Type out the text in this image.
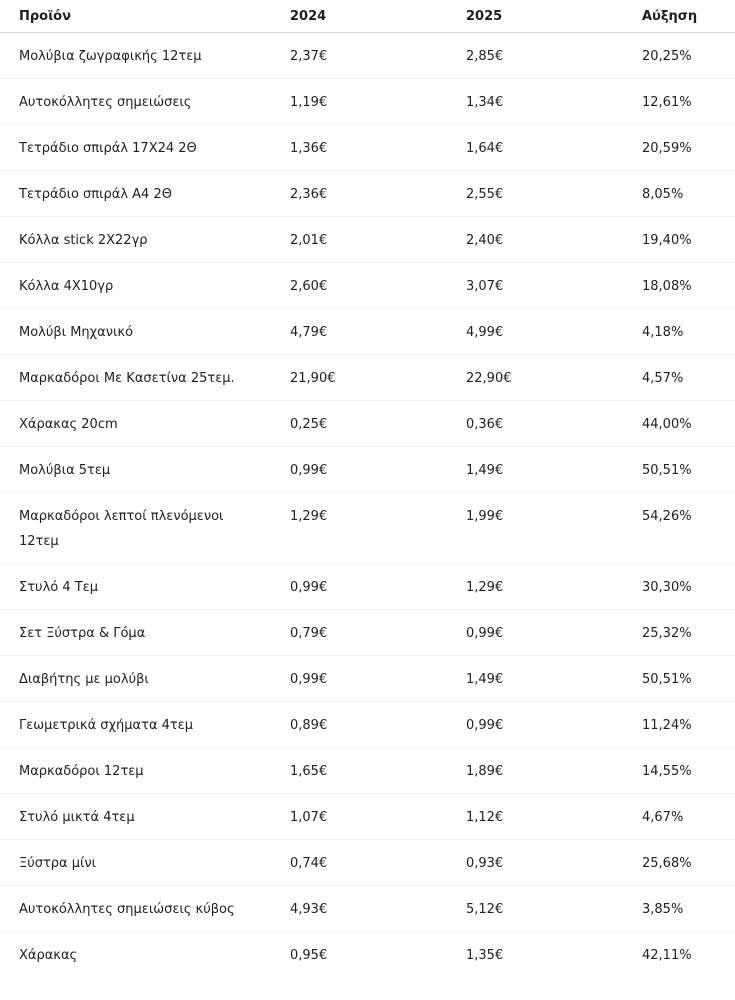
Προϊόν	2024	2025	Αύξηση

Μολύβια ζωγραφικής 12τεμ	2,37€	2,85€	20,25%

Αυτοκόλλητες σημειώσεις	1,19€	1,34€	12,61%

Τετράδιο σπιράλ 17X24 2Θ	1,36€	1,64€	20,59%

Τετράδιο σπιράλ Α4 2Θ	2,36€	2,55€	8,05%

Κόλλα stick 2Χ22γρ	2,01€	2,40€	19,40%

Κόλλα 4Χ10γρ	2,60€	3,07€	18,08%

Μολύβι Μηχανικό	4,79€	4,99€	4,18%

Μαρκαδόροι Με Κασετίνα 25τεμ.	21,90€	22,90€	4,57%

Χάρακας 20cm	0,25€	0,36€	44,00%

Μολύβια 5τεμ	0,99€	1,49€	50,51%

Μαρκαδόροι λεπτοί πλενόμενοι 12τεμ	1,29€	1,99€	54,26%

Στυλό 4 Τεμ	0,99€	1,29€	30,30%

Σετ Ξύστρα & Γόμα	0,79€	0,99€	25,32%

Διαβήτης με μολύβι	0,99€	1,49€	50,51%

Γεωμετρικά σχήματα 4τεμ	0,89€	0,99€	11,24%

Μαρκαδόροι 12τεμ	1,65€	1,89€	14,55%

Στυλό μικτά 4τεμ	1,07€	1,12€	4,67%

Ξύστρα μίνι	0,74€	0,93€	25,68%

Αυτοκόλλητες σημειώσεις κύβος	4,93€	5,12€	3,85%

Χάρακας	0,95€	1,35€	42,11%
